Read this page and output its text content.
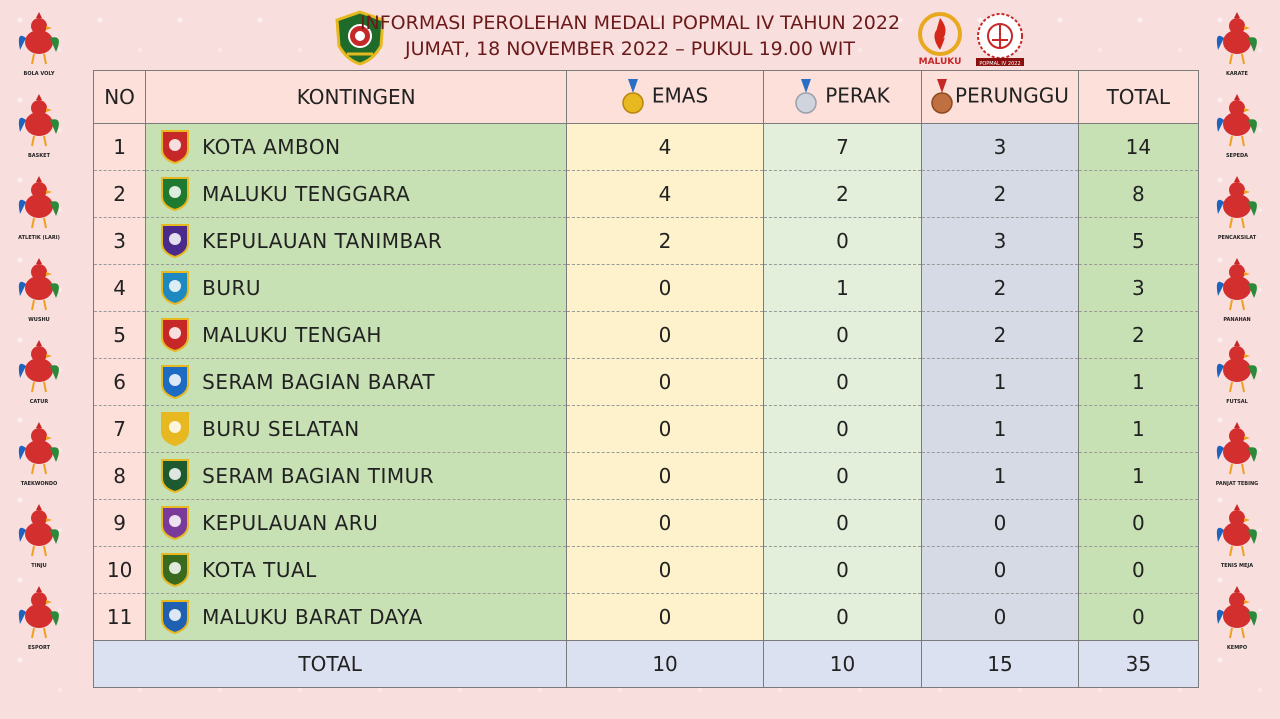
INFORMASI PEROLEHAN MEDALI POPMAL IV TAHUN 2022
JUMAT, 18 NOVEMBER 2022 – PUKUL 19.00 WIT
MALUKU	POPMAL IV 2022
NO	KONTINGEN	EMAS	PERAK	PERUNGGU	TOTAL
1	KOTA AMBON	4	7	3	14
2	MALUKU TENGGARA	4	2	2	8
3	KEPULAUAN TANIMBAR	2	0	3	5
4	BURU	0	1	2	3
5	MALUKU TENGAH	0	0	2	2
6	SERAM BAGIAN BARAT	0	0	1	1
7	BURU SELATAN	0	0	1	1
8	SERAM BAGIAN TIMUR	0	0	1	1
9	KEPULAUAN ARU	0	0	0	0
10	KOTA TUAL	0	0	0	0
11	MALUKU BARAT DAYA	0	0	0	0
TOTAL		10	10	15	35
BOLA VOLY
BASKET
ATLETIK (LARI)
WUSHU
CATUR
TAEKWONDO
TINJU
ESPORT
KARATE
SEPEDA
PENCAKSILAT
PANAHAN
FUTSAL
PANJAT TEBING
TENIS MEJA
KEMPO
